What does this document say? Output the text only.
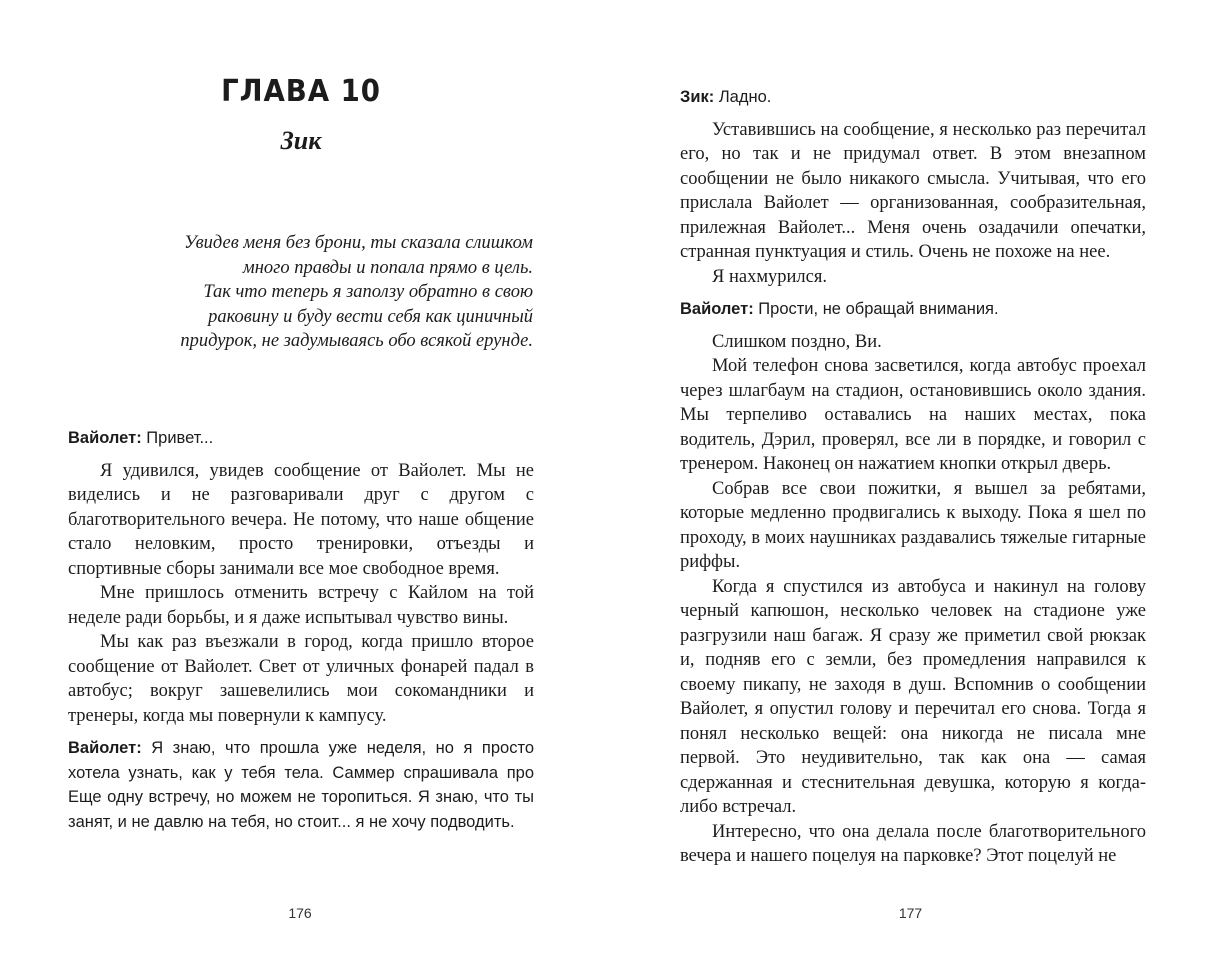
ГЛАВА 10
Зик
Увидев меня без брони, ты сказала слишком
много правды и попала прямо в цель.
Так что теперь я заползу обратно в свою
раковину и буду вести себя как циничный
придурок, не задумываясь обо всякой ерунде.

Вайолет: Привет...

Я удивился, увидев сообщение от Вайолет. Мы не виделись и не разговаривали друг с другом с благотворительного вечера. Не потому, что наше общение стало неловким, просто тренировки, отъезды и спортивные сборы занимали все мое свободное время.

Мне пришлось отменить встречу с Кайлом на той неделе ради борьбы, и я даже испытывал чувство вины.

Мы как раз въезжали в город, когда пришло второе сообщение от Вайолет. Свет от уличных фонарей падал в автобус; вокруг зашевелились мои сокомандники и тренеры, когда мы повернули к кампусу.

Вайолет: Я знаю, что прошла уже неделя, но я просто хотела узнать, как у тебя тела. Саммер спрашивала про Еще одну встречу, но можем не торопиться. Я знаю, что ты занят, и не давлю на тебя, но стоит... я не хочу подводить.

176

Зик: Ладно.

Уставившись на сообщение, я несколько раз перечитал его, но так и не придумал ответ. В этом внезапном сообщении не было никакого смысла. Учитывая, что его прислала Вайолет — организованная, сообразительная, прилежная Вайолет... Меня очень озадачили опечатки, странная пунктуация и стиль. Очень не похоже на нее.

Я нахмурился.

Вайолет: Прости, не обращай внимания.

Слишком поздно, Ви.

Мой телефон снова засветился, когда автобус проехал через шлагбаум на стадион, остановившись около здания. Мы терпеливо оставались на наших местах, пока водитель, Дэрил, проверял, все ли в порядке, и говорил с тренером. Наконец он нажатием кнопки открыл дверь.

Собрав все свои пожитки, я вышел за ребятами, которые медленно продвигались к выходу. Пока я шел по проходу, в моих наушниках раздавались тяжелые гитарные риффы.

Когда я спустился из автобуса и накинул на голову черный капюшон, несколько человек на стадионе уже разгрузили наш багаж. Я сразу же приметил свой рюкзак и, подняв его с земли, без промедления направился к своему пикапу, не заходя в душ. Вспомнив о сообщении Вайолет, я опустил голову и перечитал его снова. Тогда я понял несколько вещей: она никогда не писала мне первой. Это неудивительно, так как она — самая сдержанная и стеснительная девушка, которую я когда-либо встречал.

Интересно, что она делала после благотворительного вечера и нашего поцелуя на парковке? Этот поцелуй не

177
